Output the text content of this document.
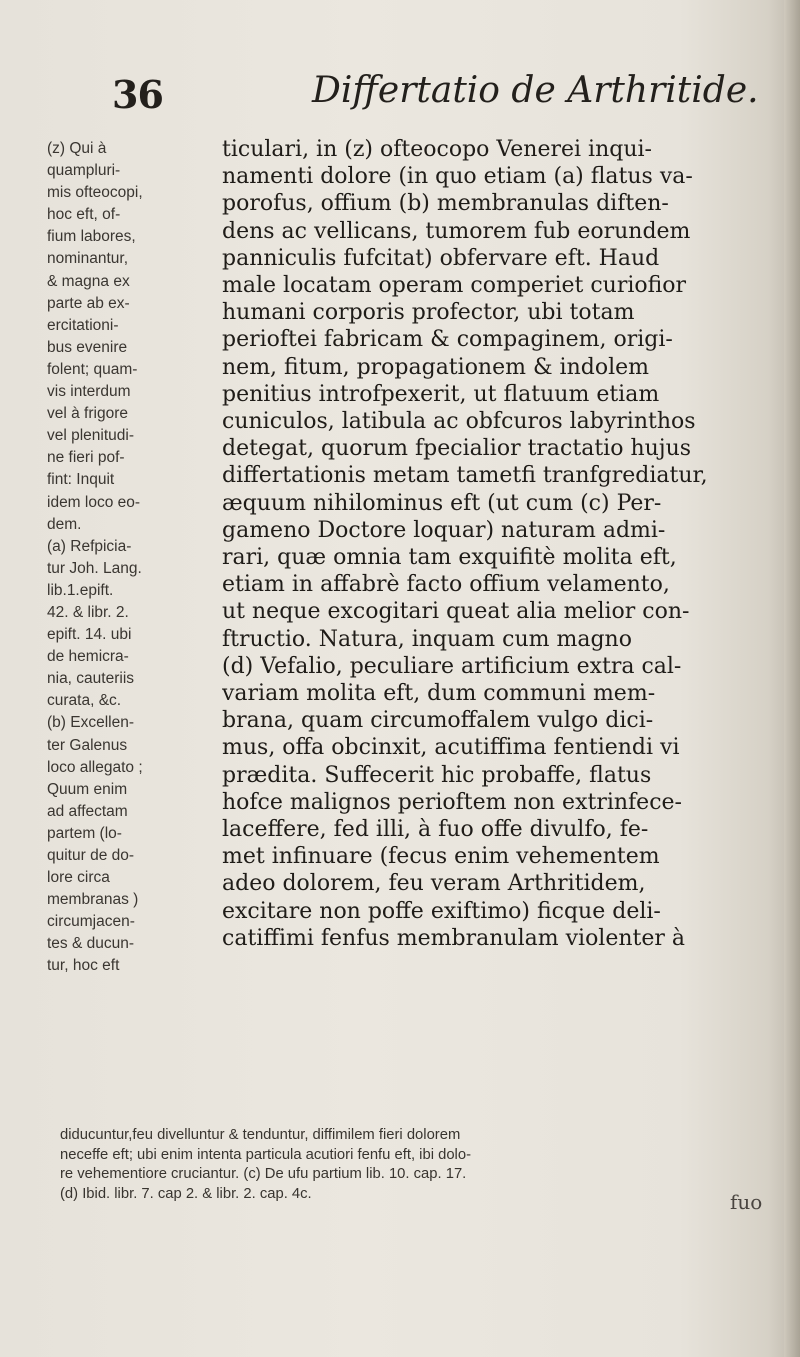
36	Differtatio de Arthritide.
(z) Qui à
quampluri-
mis ofteocopi,
hoc eft, of-
fium labores,
nominantur,
& magna ex
parte ab ex-
ercitationi-
bus evenire
folent; quam-
vis interdum
vel à frigore
vel plenitudi-
ne fieri pof-
fint: Inquit
idem loco eo-
dem.
(a) Refpicia-
tur Joh. Lang.
lib.1.epift.
42. & libr. 2.
epift. 14. ubi
de hemicra-
nia, cauteriis
curata, &c.
(b) Excellen-
ter Galenus
loco allegato ;
Quum enim
ad affectam
partem (lo-
quitur de do-
lore circa
membranas )
circumjacen-
tes & ducun-
tur, hoc eft
ticulari, in (z) ofteocopo Venerei inqui-
namenti dolore (in quo etiam (a) flatus va-
porofus, offium (b) membranulas diften-
dens ac vellicans, tumorem fub eorundem
panniculis fufcitat) obfervare eft. Haud
male locatam operam comperiet curiofior
humani corporis profector, ubi totam
perioftei fabricam & compaginem, origi-
nem, fitum, propagationem & indolem
penitius introfpexerit, ut flatuum etiam
cuniculos, latibula ac obfcuros labyrinthos
detegat, quorum fpecialior tractatio hujus
differtationis metam tametfi tranfgrediatur,
æquum nihilominus eft (ut cum (c) Per-
gameno Doctore loquar) naturam admi-
rari, quæ omnia tam exquifitè molita eft,
etiam in affabrè facto offium velamento,
ut neque excogitari queat alia melior con-
ftructio. Natura, inquam cum magno
(d) Vefalio, peculiare artificium extra cal-
variam molita eft, dum communi mem-
brana, quam circumoffalem vulgo dici-
mus, offa obcinxit, acutiffima fentiendi vi
prædita. Suffecerit hic probaffe, flatus
hofce malignos perioftem non extrinfece-
laceffere, fed illi, à fuo offe divulfo, fe-
met infinuare (fecus enim vehementem
adeo dolorem, feu veram Arthritidem,
excitare non poffe exiftimo) ficque deli-
catiffimi fenfus membranulam violenter à
diducuntur,feu divelluntur & tenduntur, diffimilem fieri dolorem
neceffe eft; ubi enim intenta particula acutiori fenfu eft, ibi dolo-
re vehementiore cruciantur. (c) De ufu partium lib. 10. cap. 17.
(d) Ibid. libr. 7. cap 2. & libr. 2. cap. 4c.	fuo
